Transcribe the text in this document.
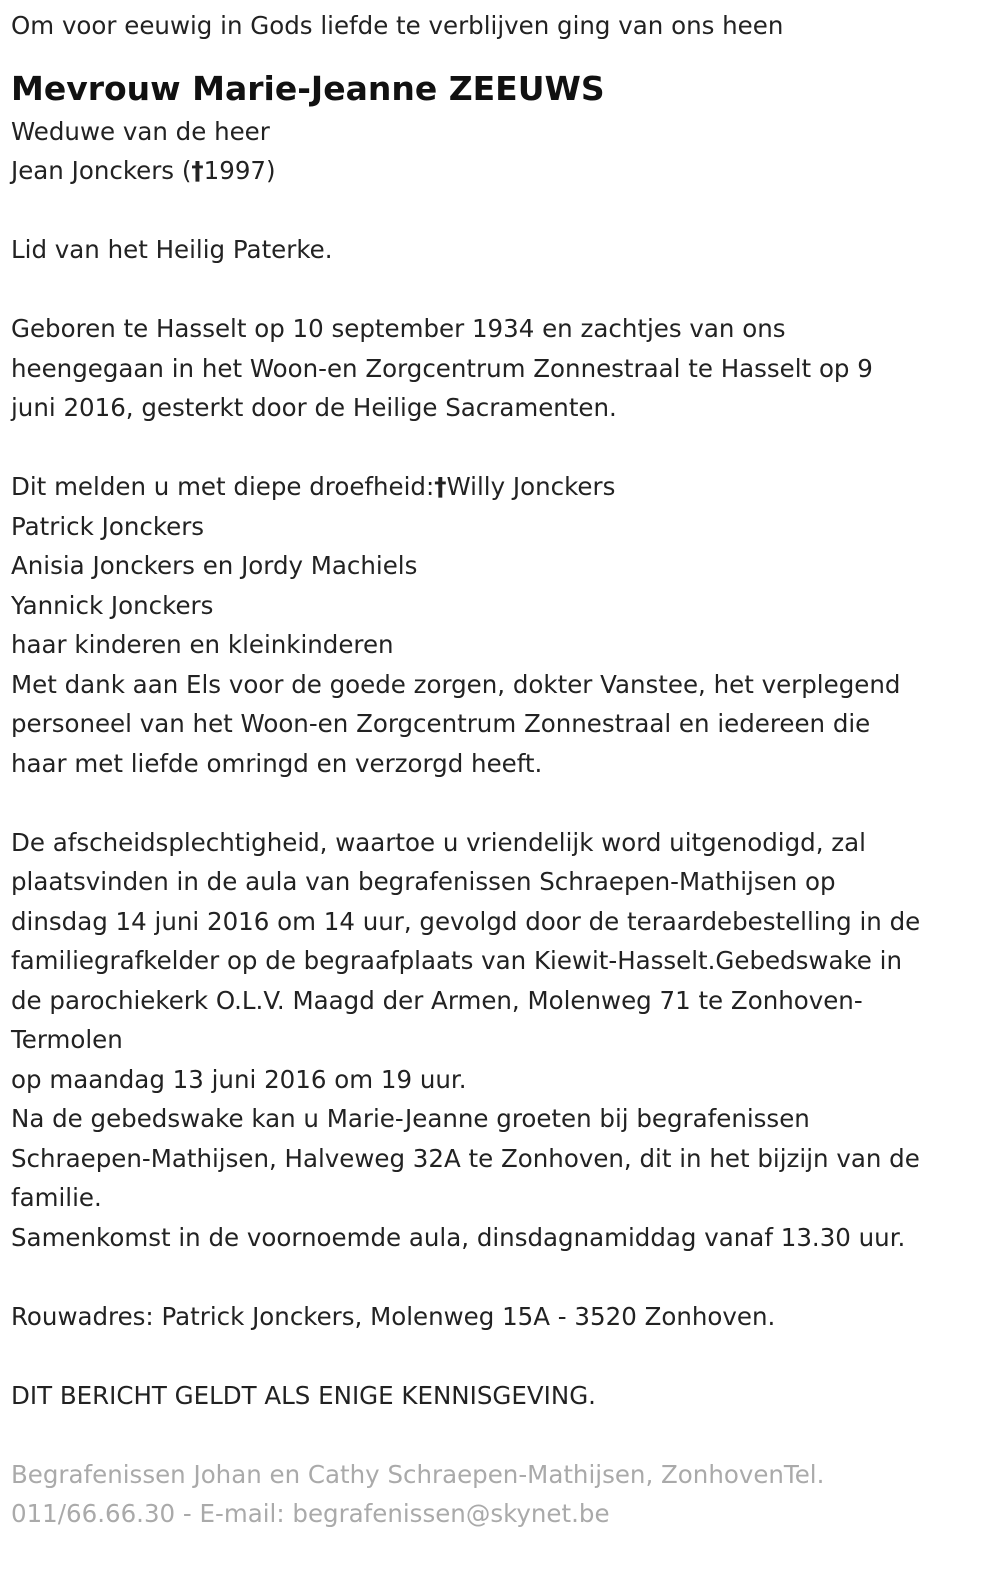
Om voor eeuwig in Gods liefde te verblijven ging van ons heen
Mevrouw Marie-Jeanne ZEEUWS
Weduwe van de heer
Jean Jonckers (†1997)
Lid van het Heilig Paterke.
Geboren te Hasselt op 10 september 1934 en zachtjes van ons
heengegaan in het Woon-en Zorgcentrum Zonnestraal te Hasselt op 9
juni 2016, gesterkt door de Heilige Sacramenten.
Dit melden u met diepe droefheid:†Willy Jonckers
Patrick Jonckers
Anisia Jonckers en Jordy Machiels
Yannick Jonckers
haar kinderen en kleinkinderen
Met dank aan Els voor de goede zorgen, dokter Vanstee, het verplegend
personeel van het Woon-en Zorgcentrum Zonnestraal en iedereen die
haar met liefde omringd en verzorgd heeft.
De afscheidsplechtigheid, waartoe u vriendelijk word uitgenodigd, zal
plaatsvinden in de aula van begrafenissen Schraepen-Mathijsen op
dinsdag 14 juni 2016 om 14 uur, gevolgd door de teraardebestelling in de
familiegrafkelder op de begraafplaats van Kiewit-Hasselt.Gebedswake in
de parochiekerk O.L.V. Maagd der Armen, Molenweg 71 te Zonhoven-
Termolen
op maandag 13 juni 2016 om 19 uur.
Na de gebedswake kan u Marie-Jeanne groeten bij begrafenissen
Schraepen-Mathijsen, Halveweg 32A te Zonhoven, dit in het bijzijn van de
familie.
Samenkomst in de voornoemde aula, dinsdagnamiddag vanaf 13.30 uur.
Rouwadres: Patrick Jonckers, Molenweg 15A - 3520 Zonhoven.
DIT BERICHT GELDT ALS ENIGE KENNISGEVING.
Begrafenissen Johan en Cathy Schraepen-Mathijsen, ZonhovenTel.
011/66.66.30 - E-mail: begrafenissen@skynet.be
